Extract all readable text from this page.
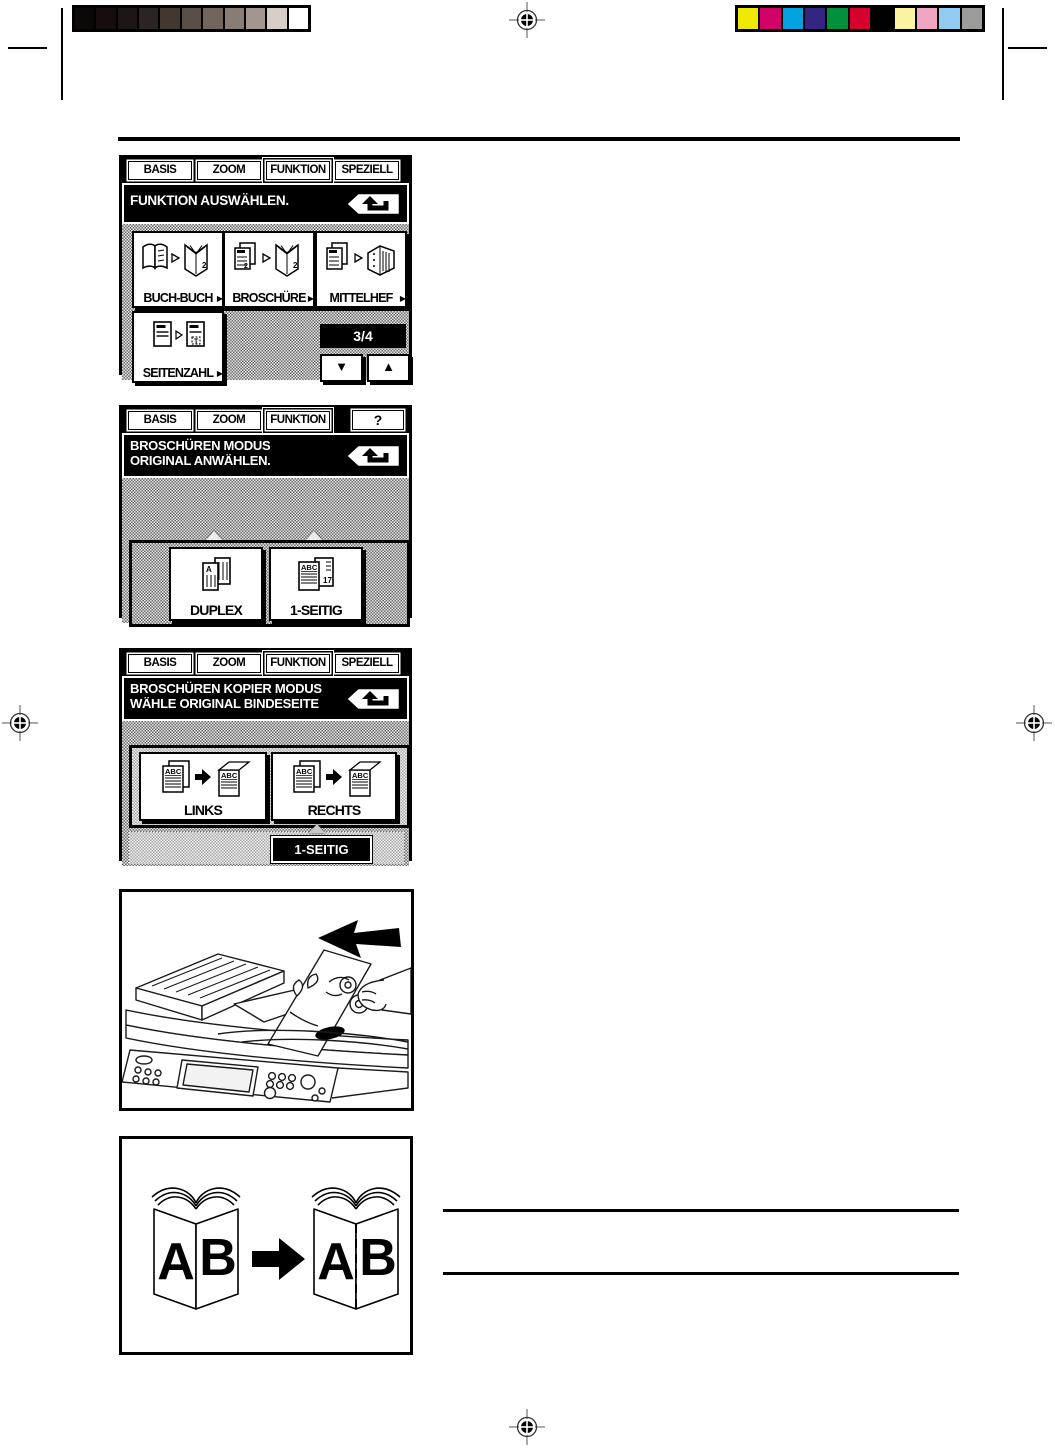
BASIS	ZOOM	FUNKTION	SPEZIELL
FUNKTION AUSWÄHLEN.
2
BUCH-BUCH ▶
2	2
BROSCHÜRE ▶	MITTELHEF ▶
T
SEITENZAHL ▶
3/4
▼	▲
BASIS	ZOOM	FUNKTION	?
BROSCHÜREN MODUS
ORIGINAL ANWÄHLEN.
A
DUPLEX
17
ABC
1-SEITIG
BASIS	ZOOM	FUNKTION	SPEZIELL
BROSCHÜREN KOPIER MODUS
WÄHLE ORIGINAL BINDESEITE
ABC	ABC
LINKS
ABC	ABC
RECHTS
1-SEITIG
A B A B
